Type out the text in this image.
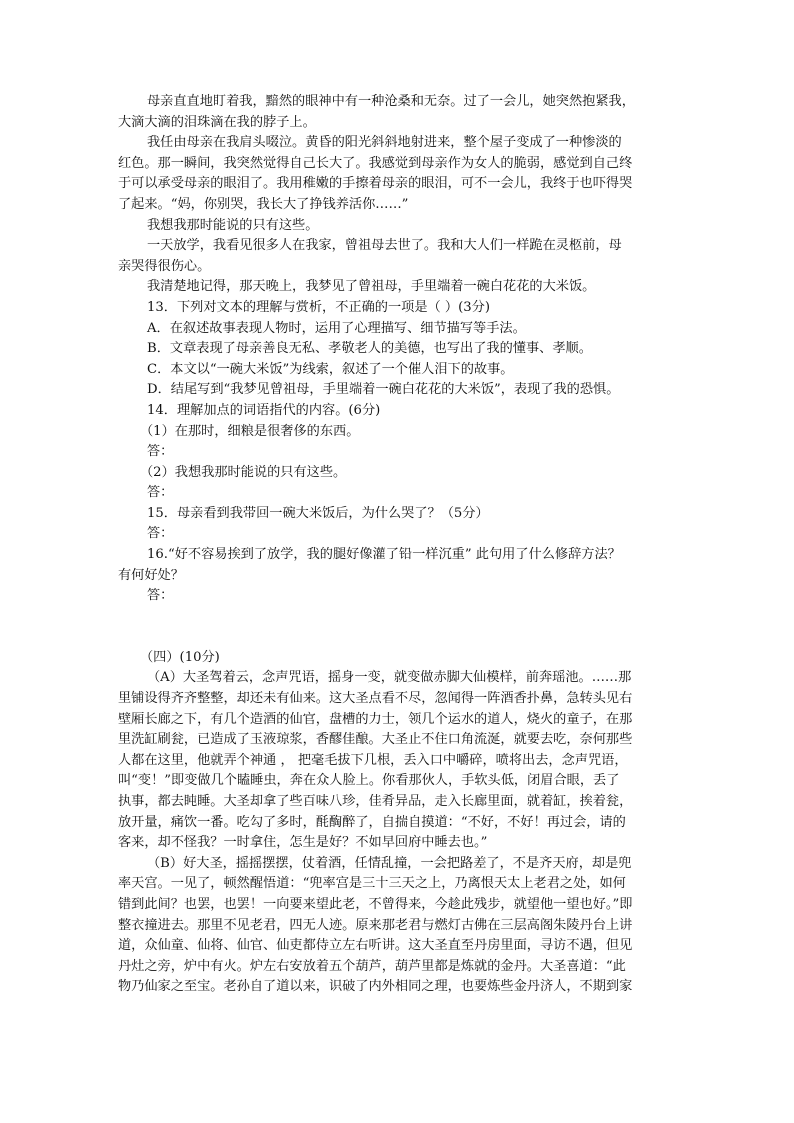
母亲直直地盯着我，黯然的眼神中有一种沧桑和无奈。过了一会儿，她突然抱紧我，

大滴大滴的泪珠滴在我的脖子上。

我任由母亲在我肩头啜泣。黄昏的阳光斜斜地射进来，整个屋子变成了一种惨淡的

红色。那一瞬间，我突然觉得自己长大了。我感觉到母亲作为女人的脆弱，感觉到自己终

于可以承受母亲的眼泪了。我用稚嫩的手擦着母亲的眼泪，可不一会儿，我终于也吓得哭

了起来。“妈，你别哭，我长大了挣钱养活你……”

我想我那时能说的只有这些。

一天放学，我看见很多人在我家，曾祖母去世了。我和大人们一样跪在灵柩前，母

亲哭得很伤心。

我清楚地记得，那天晚上，我梦见了曾祖母，手里端着一碗白花花的大米饭。

13．下列对文本的理解与赏析，不正确的一项是（ ）(3分)

A．在叙述故事表现人物时，运用了心理描写、细节描写等手法。

B．文章表现了母亲善良无私、孝敬老人的美德，也写出了我的懂事、孝顺。

C．本文以“一碗大米饭”为线索，叙述了一个催人泪下的故事。

D．结尾写到“我梦见曾祖母，手里端着一碗白花花的大米饭”，表现了我的恐惧。

14．理解加点的词语指代的内容。(6分)

（1）在那时，细粮是很奢侈的东西。

答：

（2）我想我那时能说的只有这些。

答：

15．母亲看到我带回一碗大米饭后，为什么哭了？（5分）

答：

16.“好不容易挨到了放学，我的腿好像灌了铅一样沉重” 此句用了什么修辞方法？

有何好处？

答：

（四）(10分)

（A）大圣驾着云，念声咒语，摇身一变，就变做赤脚大仙模样，前奔瑶池。……那

里铺设得齐齐整整，却还未有仙来。这大圣点看不尽，忽闻得一阵酒香扑鼻，急转头见右

壁厢长廊之下，有几个造酒的仙官，盘槽的力士，领几个运水的道人，烧火的童子，在那

里洗缸刷瓮，已造成了玉液琼浆，香醪佳酿。大圣止不住口角流涎，就要去吃，奈何那些

人都在这里，他就弄个神通 ， 把毫毛拔下几根，丢入口中嚼碎，喷将出去，念声咒语，

叫“变！”即变做几个瞌睡虫，奔在众人脸上。你看那伙人，手软头低，闭眉合眼，丢了

执事，都去盹睡。大圣却拿了些百味八珍，佳肴异品，走入长廊里面，就着缸，挨着瓮，

放开量，痛饮一番。吃勾了多时，酕醄醉了，自揣自摸道：“不好，不好！再过会，请的

客来，却不怪我？一时拿住，怎生是好？不如早回府中睡去也。”

（B）好大圣，摇摇摆摆，仗着酒，任情乱撞，一会把路差了，不是齐天府，却是兜

率天宫。一见了，顿然醒悟道：“兜率宫是三十三天之上，乃离恨天太上老君之处，如何

错到此间？也罢，也罢！一向要来望此老，不曾得来，今趁此残步，就望他一望也好。”即

整衣撞进去。那里不见老君，四无人迹。原来那老君与燃灯古佛在三层高阁朱陵丹台上讲

道，众仙童、仙将、仙官、仙吏都侍立左右听讲。这大圣直至丹房里面，寻访不遇，但见

丹灶之旁，炉中有火。炉左右安放着五个葫芦，葫芦里都是炼就的金丹。大圣喜道：“此

物乃仙家之至宝。老孙自了道以来，识破了内外相同之理，也要炼些金丹济人，不期到家
